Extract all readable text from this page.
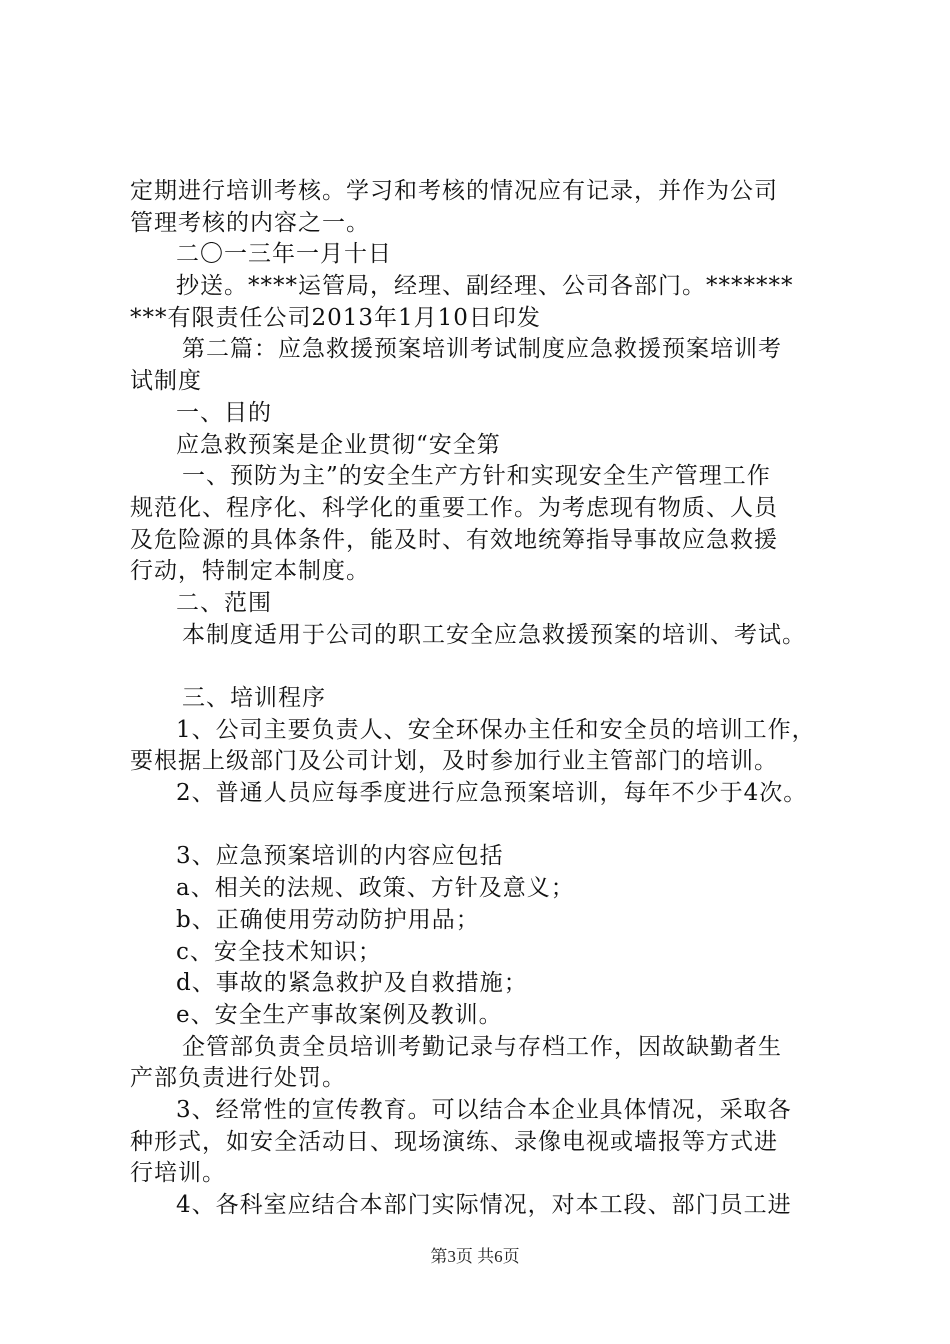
定期进行培训考核。学习和考核的情况应有记录，并作为公司
管理考核的内容之一。
二〇一三年一月十日
抄送。****运管局，经理、副经理、公司各部门。*******
***有限责任公司2013年1月10日印发
第二篇：应急救援预案培训考试制度应急救援预案培训考
试制度
一、目的
应急救预案是企业贯彻“安全第
一、预防为主”的安全生产方针和实现安全生产管理工作
规范化、程序化、科学化的重要工作。为考虑现有物质、人员
及危险源的具体条件，能及时、有效地统筹指导事故应急救援
行动，特制定本制度。
二、范围
本制度适用于公司的职工安全应急救援预案的培训、考试。
三、培训程序
1、公司主要负责人、安全环保办主任和安全员的培训工作，
要根据上级部门及公司计划，及时参加行业主管部门的培训。
2、普通人员应每季度进行应急预案培训，每年不少于4次。
3、应急预案培训的内容应包括
a、相关的法规、政策、方针及意义；
b、正确使用劳动防护用品；
c、安全技术知识；
d、事故的紧急救护及自救措施；
e、安全生产事故案例及教训。
企管部负责全员培训考勤记录与存档工作，因故缺勤者生
产部负责进行处罚。
3、经常性的宣传教育。可以结合本企业具体情况，采取各
种形式，如安全活动日、现场演练、录像电视或墙报等方式进
行培训。
4、各科室应结合本部门实际情况，对本工段、部门员工进
第3页 共6页
